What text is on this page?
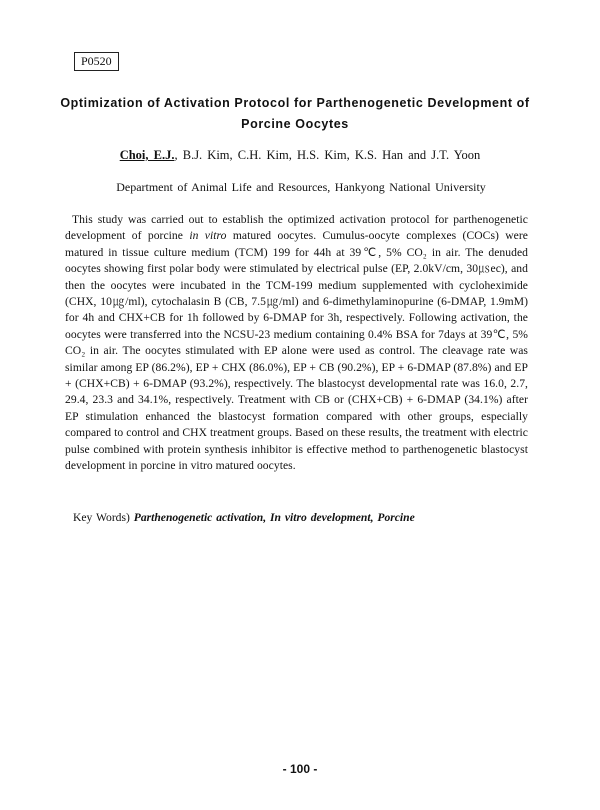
P0520
Optimization of Activation Protocol for Parthenogenetic Development of Porcine Oocytes
Choi, E.J., B.J. Kim, C.H. Kim, H.S. Kim, K.S. Han and J.T. Yoon
Department of Animal Life and Resources, Hankyong National University

This study was carried out to establish the optimized activation protocol for parthenogenetic development of porcine in vitro matured oocytes. Cumulus-oocyte complexes (COCs) were matured in tissue culture medium (TCM) 199 for 44h at 39℃, 5% CO₂ in air. The denuded oocytes showing first polar body were stimulated by electrical pulse (EP, 2.0kV/cm, 30㎲ec), and then the oocytes were incubated in the TCM-199 medium supplemented with cycloheximide (CHX, 10㎍/ml), cytochalasin B (CB, 7.5㎍/ml) and 6-dimethylaminopurine (6-DMAP, 1.9mM) for 4h and CHX+CB for 1h followed by 6-DMAP for 3h, respectively. Following activation, the oocytes were transferred into the NCSU-23 medium containing 0.4% BSA for 7days at 39℃, 5% CO₂ in air. The oocytes stimulated with EP alone were used as control. The cleavage rate was similar among EP (86.2%), EP + CHX (86.0%), EP + CB (90.2%), EP + 6-DMAP (87.8%) and EP + (CHX+CB) + 6-DMAP (93.2%), respectively. The blastocyst developmental rate was 16.0, 2.7, 29.4, 23.3 and 34.1%, respectively. Treatment with CB or (CHX+CB) + 6-DMAP (34.1%) after EP stimulation enhanced the blastocyst formation compared with other groups, especially compared to control and CHX treatment groups. Based on these results, the treatment with electric pulse combined with protein synthesis inhibitor is effective method to parthenogenetic blastocyst development in porcine in vitro matured oocytes.

Key Words) Parthenogenetic activation, In vitro development, Porcine
- 100 -
